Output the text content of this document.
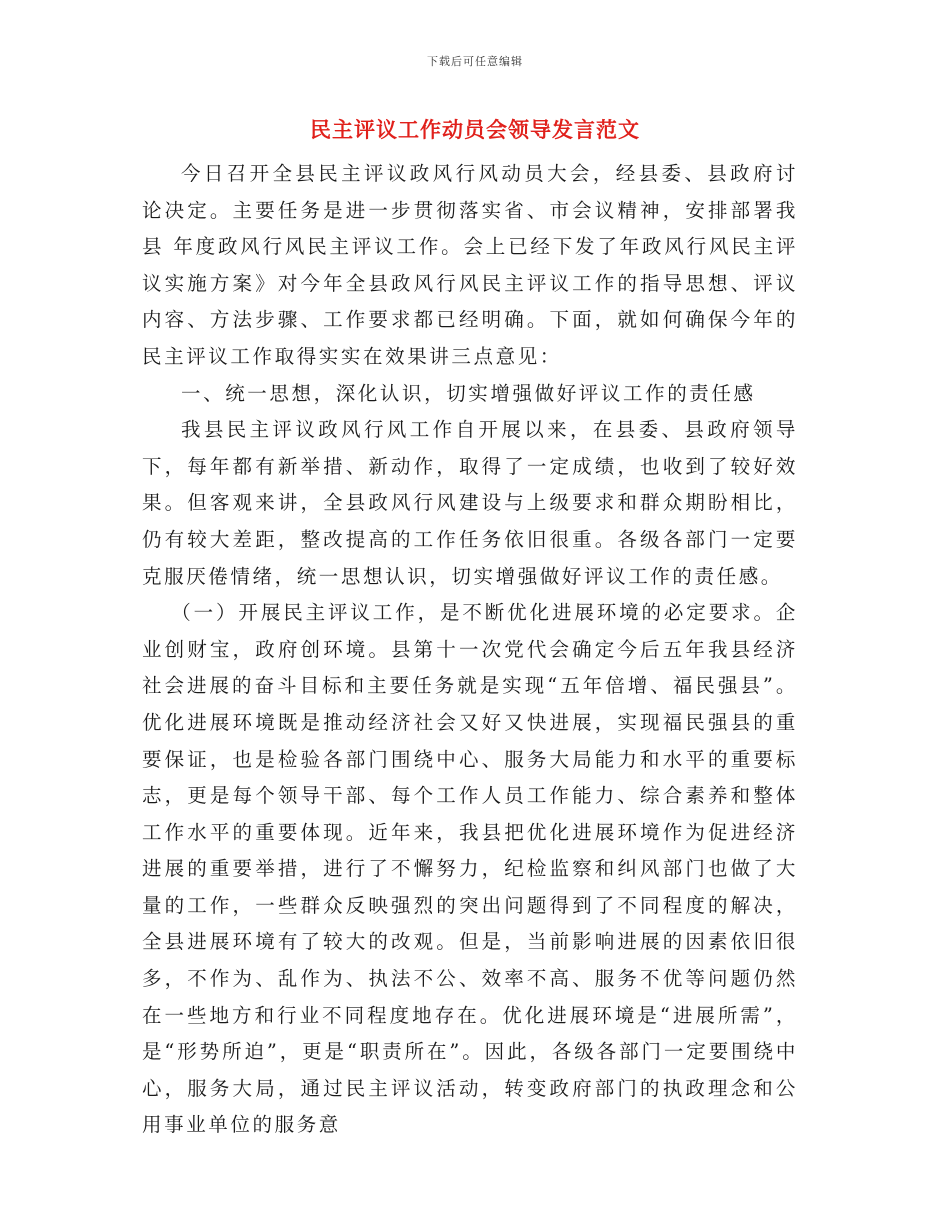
下载后可任意编辑
民主评议工作动员会领导发言范文

今日召开全县民主评议政风行风动员大会，经县委、县政府讨论决定。主要任务是进一步贯彻落实省、市会议精神，安排部署我县 年度政风行风民主评议工作。会上已经下发了年政风行风民主评议实施方案》对今年全县政风行风民主评议工作的指导思想、评议内容、方法步骤、工作要求都已经明确。下面，就如何确保今年的民主评议工作取得实实在效果讲三点意见：

一、统一思想，深化认识，切实增强做好评议工作的责任感

我县民主评议政风行风工作自开展以来，在县委、县政府领导下，每年都有新举措、新动作，取得了一定成绩，也收到了较好效果。但客观来讲，全县政风行风建设与上级要求和群众期盼相比，仍有较大差距，整改提高的工作任务依旧很重。各级各部门一定要克服厌倦情绪，统一思想认识，切实增强做好评议工作的责任感。

（一）开展民主评议工作，是不断优化进展环境的必定要求。企业创财宝，政府创环境。县第十一次党代会确定今后五年我县经济社会进展的奋斗目标和主要任务就是实现“五年倍增、福民强县”。优化进展环境既是推动经济社会又好又快进展，实现福民强县的重要保证，也是检验各部门围绕中心、服务大局能力和水平的重要标志，更是每个领导干部、每个工作人员工作能力、综合素养和整体工作水平的重要体现。近年来，我县把优化进展环境作为促进经济进展的重要举措，进行了不懈努力，纪检监察和纠风部门也做了大量的工作，一些群众反映强烈的突出问题得到了不同程度的解决，全县进展环境有了较大的改观。但是，当前影响进展的因素依旧很多，不作为、乱作为、执法不公、效率不高、服务不优等问题仍然在一些地方和行业不同程度地存在。优化进展环境是“进展所需”，是“形势所迫”，更是“职责所在”。因此，各级各部门一定要围绕中心，服务大局，通过民主评议活动，转变政府部门的执政理念和公用事业单位的服务意
